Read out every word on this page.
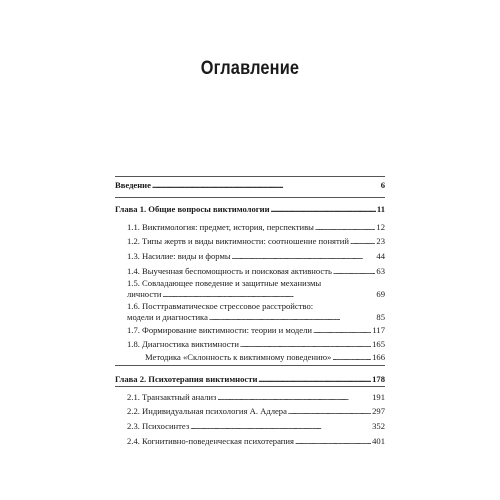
Оглавление
Введение . . .	6
Глава 1. Общие вопросы виктимологии . . .	11
1.1. Виктимология: предмет, история, перспективы . . .	12
1.2. Типы жертв и виды виктимности: соотношение понятий . . .	23
1.3. Насилие: виды и формы . . .	44
1.4. Выученная беспомощность и поисковая активность . . .	63
1.5. Совладающее поведение и защитные механизмы
личности . . .	69
1.6. Посттравматическое стрессовое расстройство:
модели и диагностика . . .	85
1.7. Формирование виктимности: теории и модели . . .	117
1.8. Диагностика виктимности . . .	165
Методика «Склонность к виктимному поведению» . . .	166
Глава 2. Психотерапия виктимности . . .	178
2.1. Транзактный анализ . . .	191
2.2. Индивидуальная психология А. Адлера . . .	297
2.3. Психосинтез . . .	352
2.4. Когнитивно-поведенческая психотерапия . . .	401
